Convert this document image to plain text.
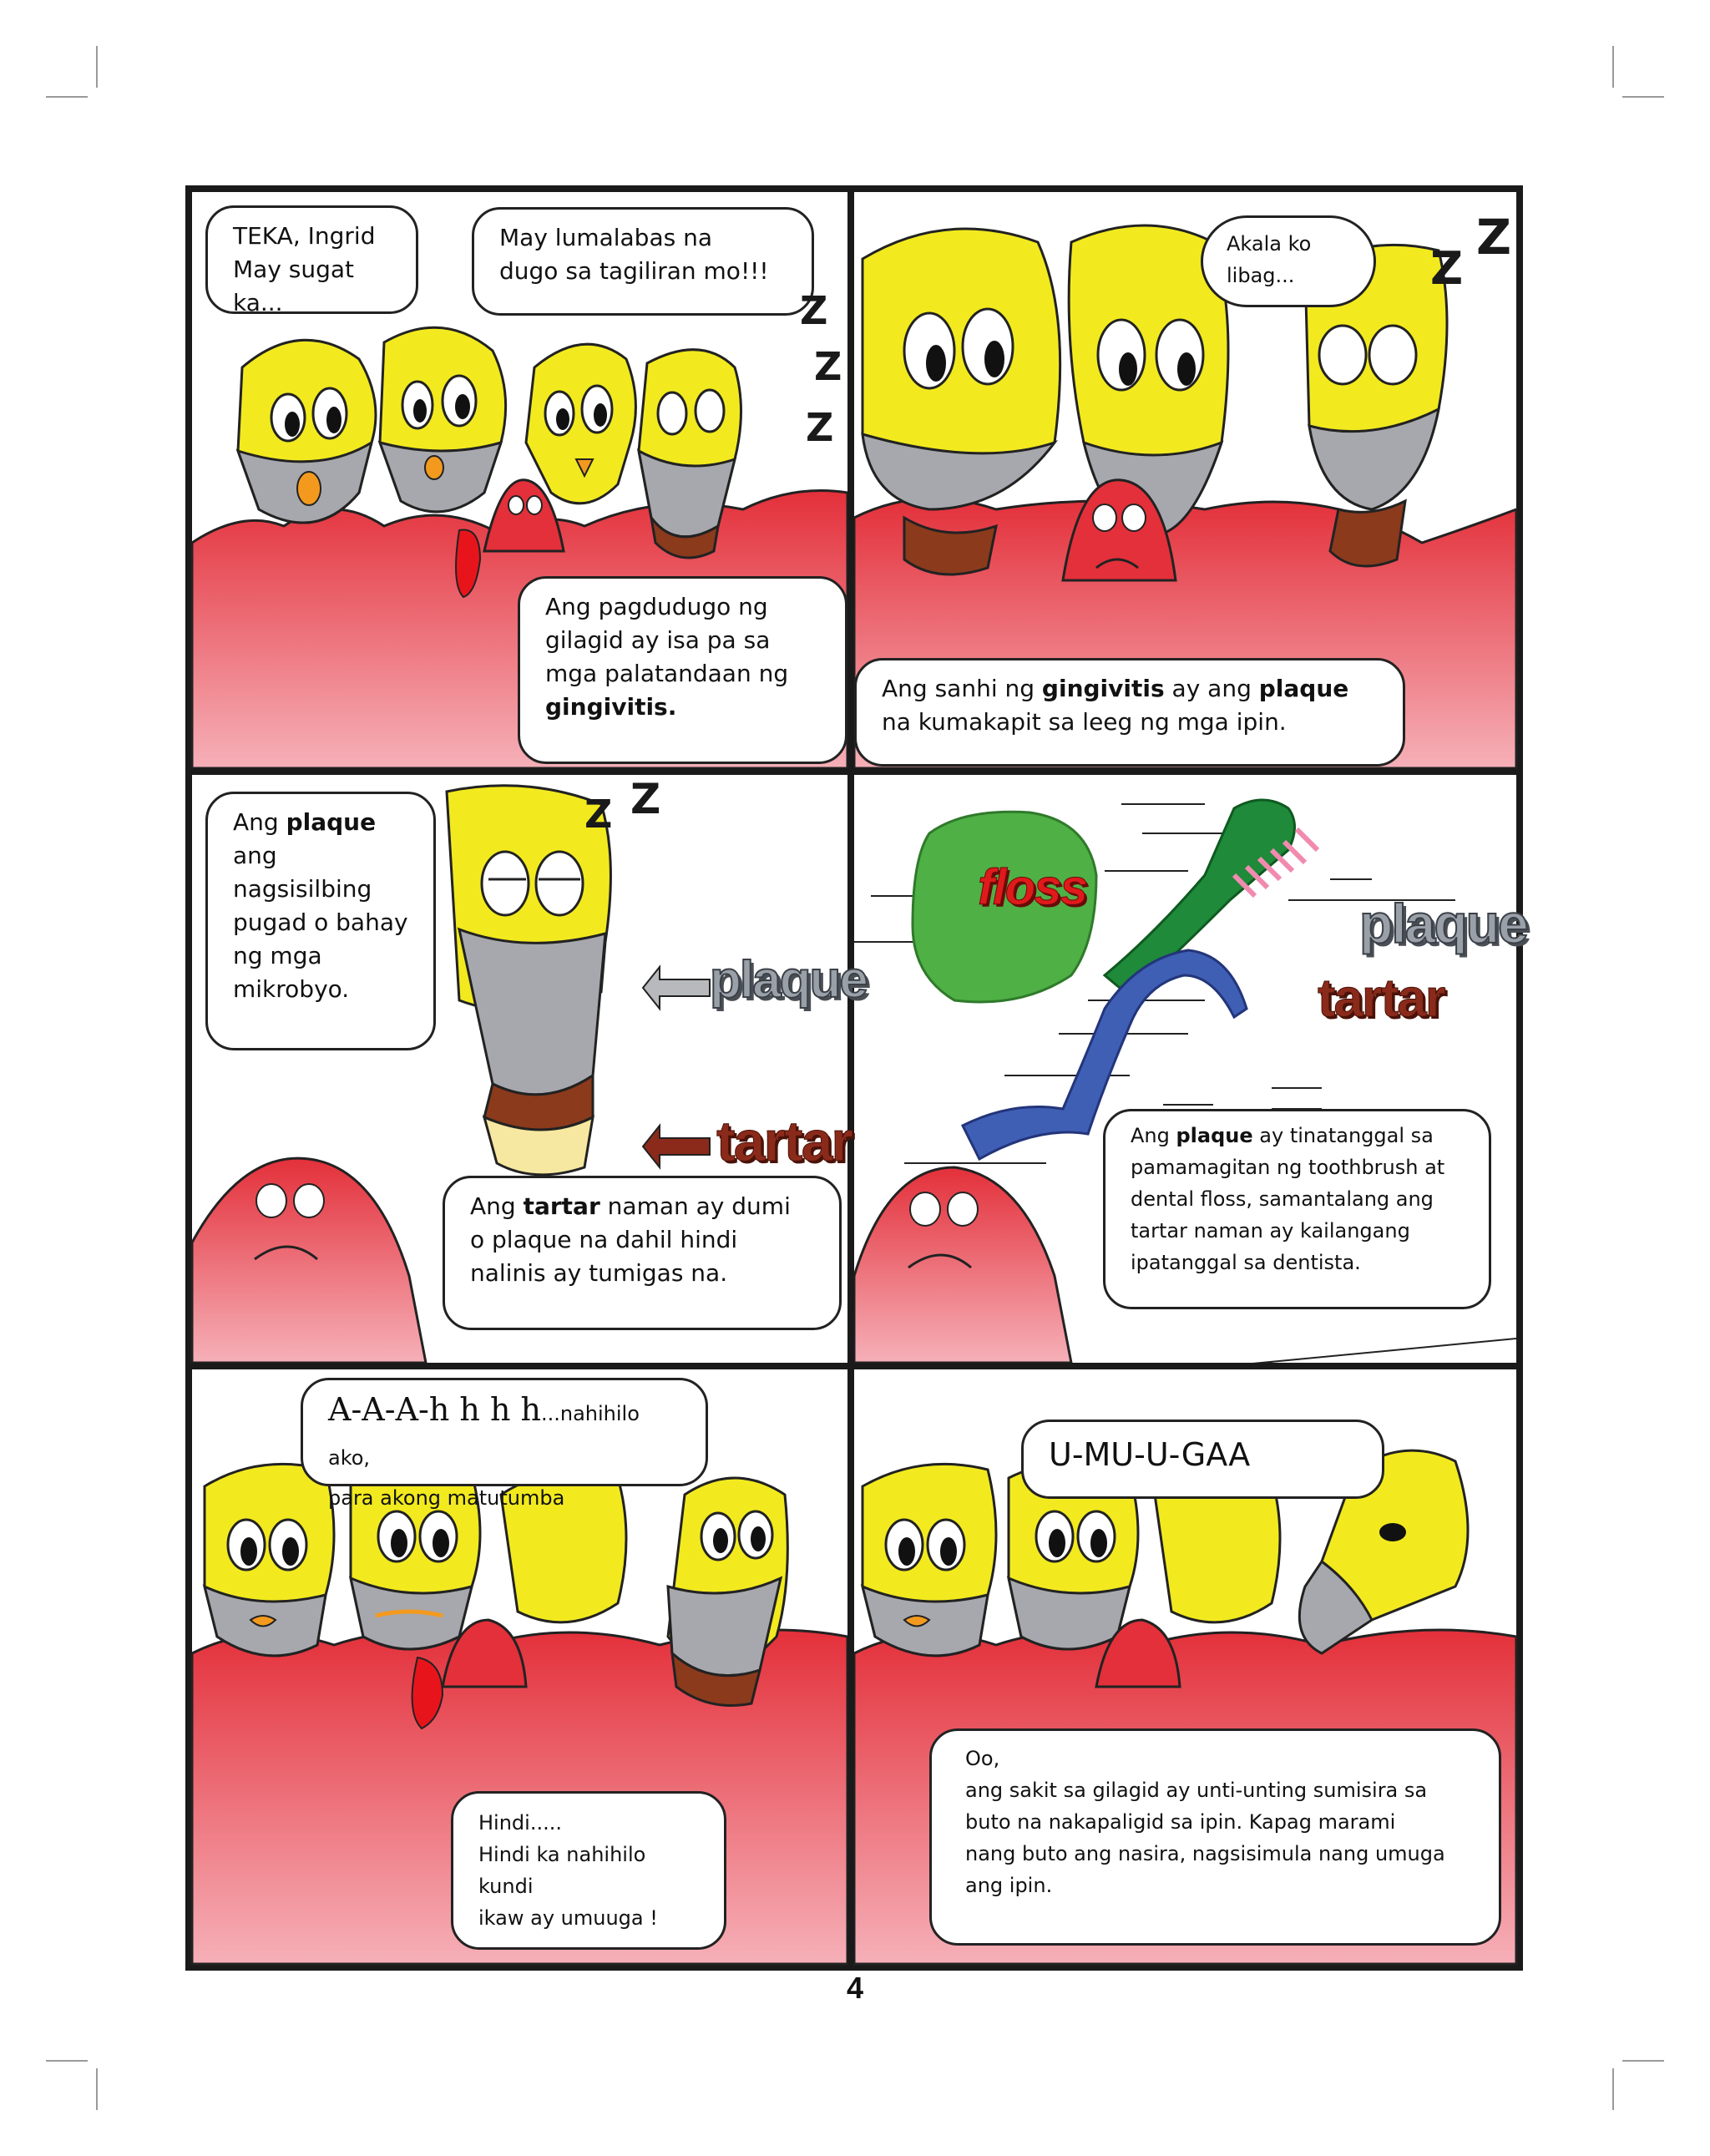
TEKA, Ingrid
May sugat ka...
May lumalabas na
dugo sa tagiliran mo!!!
Ang pagdudugo ng
gilagid ay isa pa sa
mga palatandaan ng
gingivitis.
Z
Z
Z
Akala ko
libag...
Ang sanhi ng gingivitis ay ang plaque
na kumakapit sa leeg ng mga ipin.
Z
Z
plaque
tartar
Ang plaque
ang
nagsisilbing
pugad o bahay
ng mga
mikrobyo.
Ang tartar naman ay dumi
o plaque na dahil hindi
nalinis ay tumigas na.
Z Z
floss
plaque
tartar
Ang plaque ay tinatanggal sa
pamamagitan ng toothbrush at
dental floss, samantalang ang
tartar naman ay kailangang
ipatanggal sa dentista.
A-A-A-h h h h...nahihilo ako,
para akong matutumba
Hindi.....
Hindi ka nahihilo kundi
ikaw ay umuuga !
U-MU-U-GAA
Oo,
ang sakit sa gilagid ay unti-unting sumisira sa
buto na nakapaligid sa ipin. Kapag marami
nang buto ang nasira, nagsisimula nang umuga
ang ipin.
4
